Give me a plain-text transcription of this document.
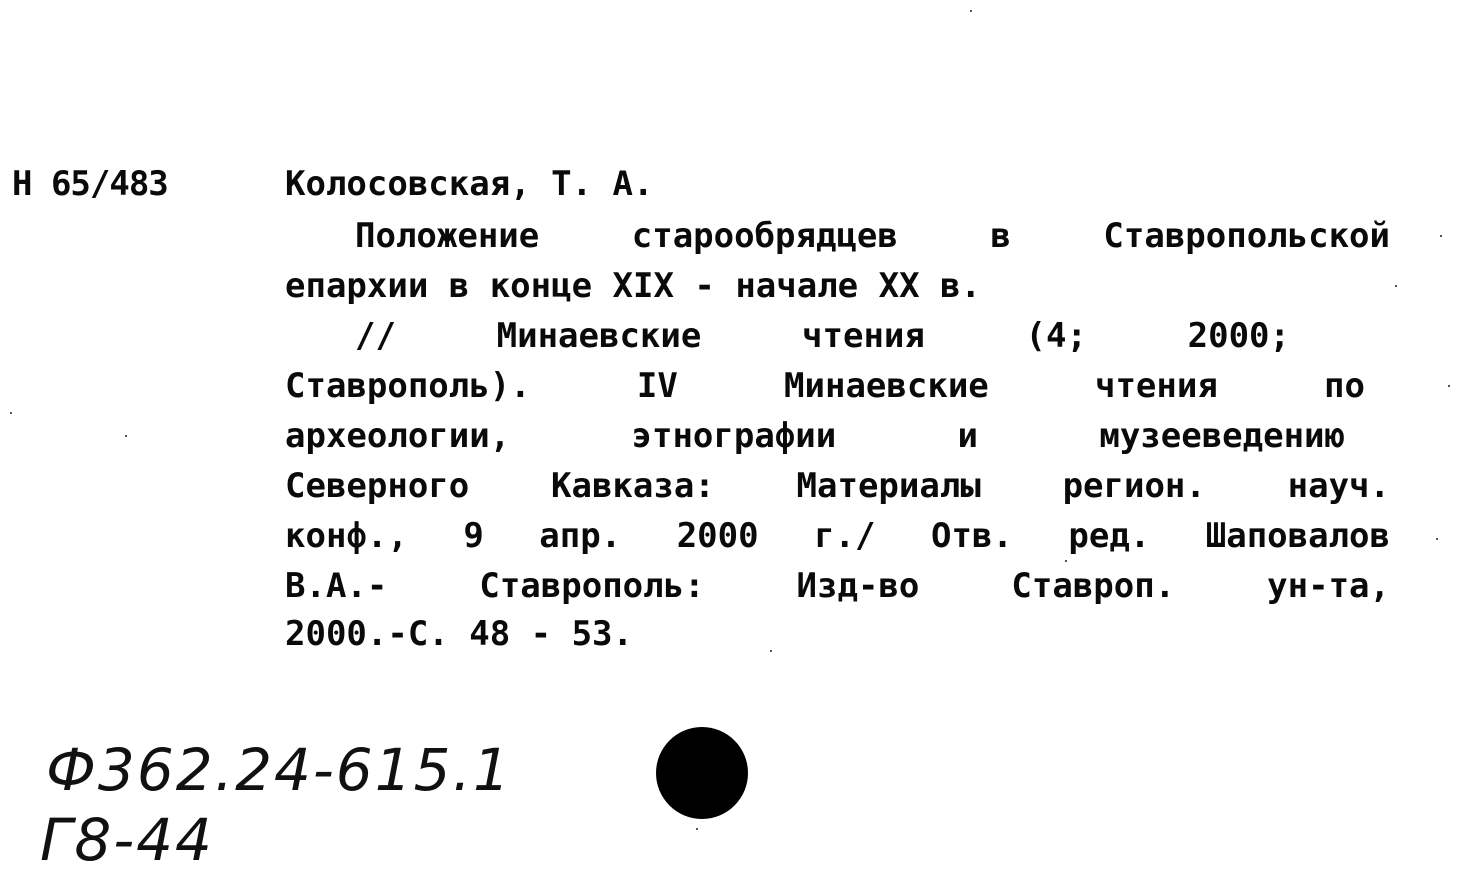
Н 65/483	Колосовская, Т. А.
Положение старообрядцев в Ставропольской
епархии в конце XIX - начале XX в.
// Минаевские чтения (4; 2000;
Ставрополь). IV Минаевские чтения по
археологии, этнографии и музееведению
Северного Кавказа: Материалы регион. науч.
конф., 9 апр. 2000 г./ Отв. ред. Шаповалов
В.А.- Ставрополь: Изд-во Ставроп. ун-та,
2000.-С. 48 - 53.
Ф362.24-615.1
Г8-44
